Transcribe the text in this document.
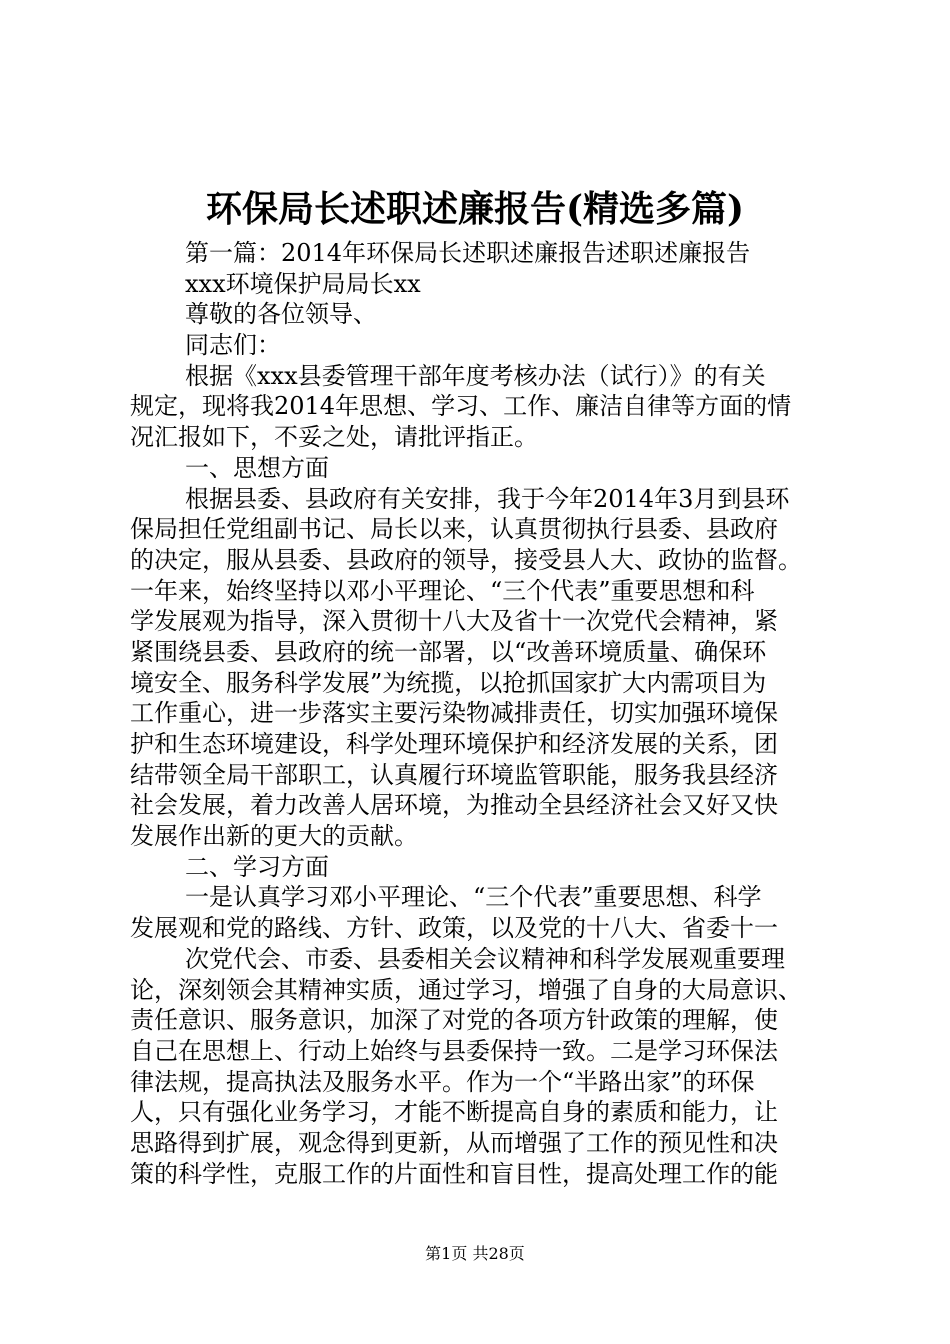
环保局长述职述廉报告(精选多篇)
第一篇：2014年环保局长述职述廉报告述职述廉报告
xxx环境保护局局长xx
尊敬的各位领导、
同志们：
根据《xxx县委管理干部年度考核办法（试行）》的有关
规定，现将我2014年思想、学习、工作、廉洁自律等方面的情
况汇报如下，不妥之处，请批评指正。
一、思想方面
根据县委、县政府有关安排，我于今年2014年3月到县环
保局担任党组副书记、局长以来，认真贯彻执行县委、县政府
的决定，服从县委、县政府的领导，接受县人大、政协的监督。
一年来，始终坚持以邓小平理论、“三个代表”重要思想和科
学发展观为指导，深入贯彻十八大及省十一次党代会精神，紧
紧围绕县委、县政府的统一部署，以“改善环境质量、确保环
境安全、服务科学发展”为统揽，以抢抓国家扩大内需项目为
工作重心，进一步落实主要污染物减排责任，切实加强环境保
护和生态环境建设，科学处理环境保护和经济发展的关系，团
结带领全局干部职工，认真履行环境监管职能，服务我县经济
社会发展，着力改善人居环境，为推动全县经济社会又好又快
发展作出新的更大的贡献。
二、学习方面
一是认真学习邓小平理论、“三个代表”重要思想、科学
发展观和党的路线、方针、政策，以及党的十八大、省委十一
次党代会、市委、县委相关会议精神和科学发展观重要理
论，深刻领会其精神实质，通过学习，增强了自身的大局意识、
责任意识、服务意识，加深了对党的各项方针政策的理解，使
自己在思想上、行动上始终与县委保持一致。二是学习环保法
律法规，提高执法及服务水平。作为一个“半路出家”的环保
人，只有强化业务学习，才能不断提高自身的素质和能力，让
思路得到扩展，观念得到更新，从而增强了工作的预见性和决
策的科学性，克服工作的片面性和盲目性，提高处理工作的能
第1页 共28页
